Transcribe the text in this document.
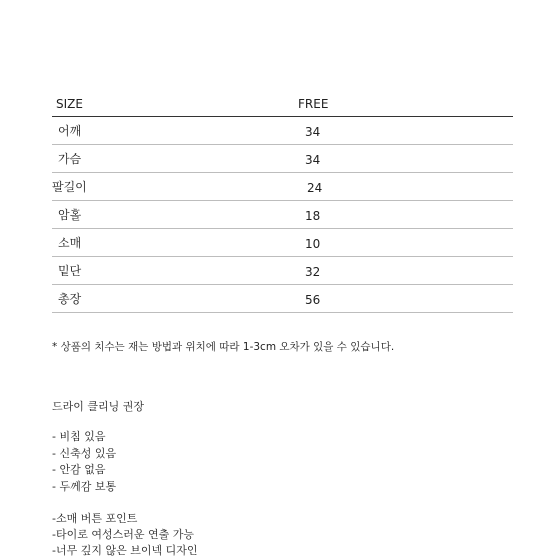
SIZE	FREE
어깨	34
가슴	34
팔길이	24
암홀	18
소매	10
밑단	32
총장	56
* 상품의 치수는 재는 방법과 위치에 따라 1-3cm 오차가 있을 수 있습니다.
드라이 클리닝 권장
- 비침 있음
- 신축성 있음
- 안감 없음
- 두께감 보통
-소매 버튼 포인트
-타이로 여성스러운 연출 가능
-너무 깊지 않은 브이넥 디자인
